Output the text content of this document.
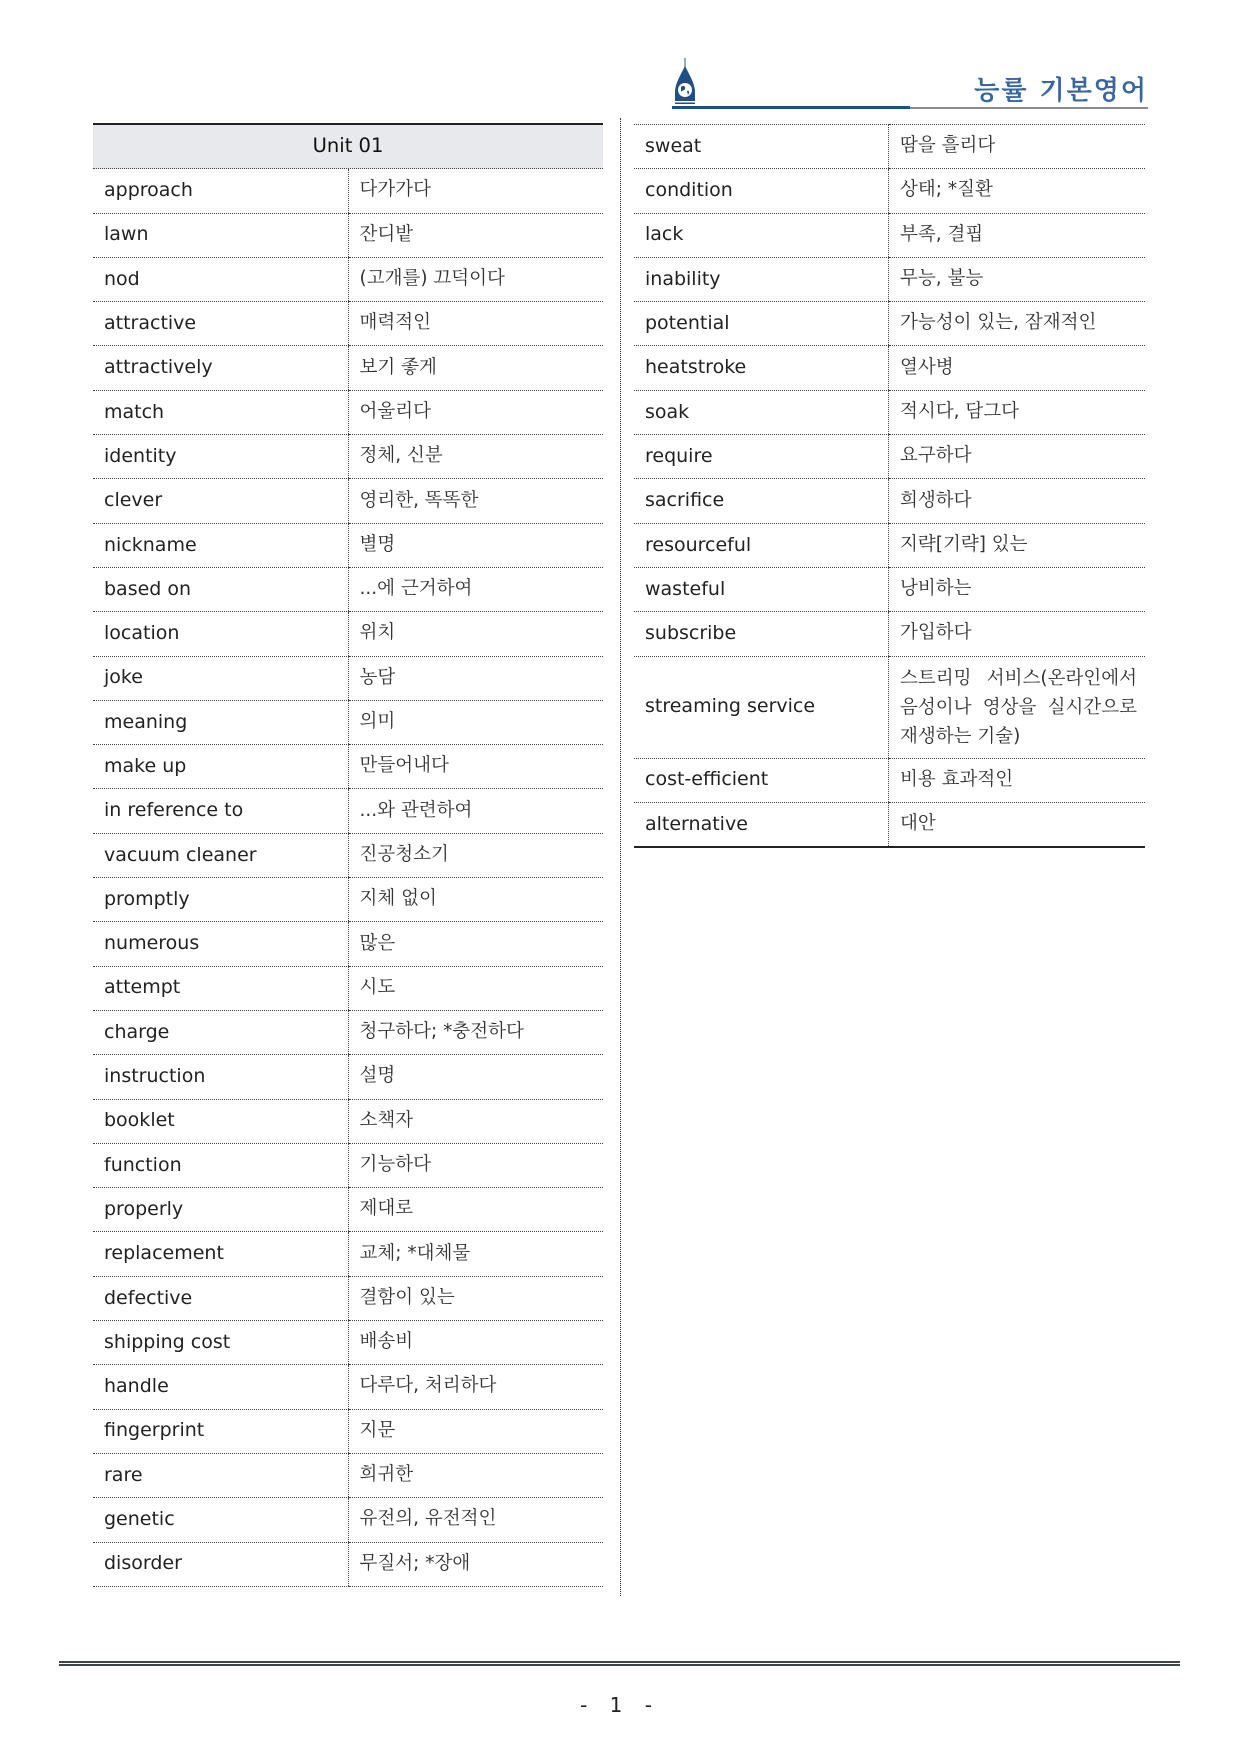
능률 기본영어
Unit 01	
approach	다가가다
lawn	잔디밭
nod	(고개를) 끄덕이다
attractive	매력적인
attractively	보기 좋게
match	어울리다
identity	정체, 신분
clever	영리한, 똑똑한
nickname	별명
based on	...에 근거하여
location	위치
joke	농담
meaning	의미
make up	만들어내다
in reference to	...와 관련하여
vacuum cleaner	진공청소기
promptly	지체 없이
numerous	많은
attempt	시도
charge	청구하다; *충전하다
instruction	설명
booklet	소책자
function	기능하다
properly	제대로
replacement	교체; *대체물
defective	결함이 있는
shipping cost	배송비
handle	다루다, 처리하다
fingerprint	지문
rare	희귀한
genetic	유전의, 유전적인
disorder	무질서; *장애
sweat	땀을 흘리다
condition	상태; *질환
lack	부족, 결핍
inability	무능, 불능
potential	가능성이 있는, 잠재적인
heatstroke	열사병
soak	적시다, 담그다
require	요구하다
sacrifice	희생하다
resourceful	지략[기략] 있는
wasteful	낭비하는
subscribe	가입하다
streaming service	스트리밍 서비스(온라인에서 음성이나 영상을 실시간으로 재생하는 기술)
cost-efficient	비용 효과적인
alternative	대안
- 1 -
